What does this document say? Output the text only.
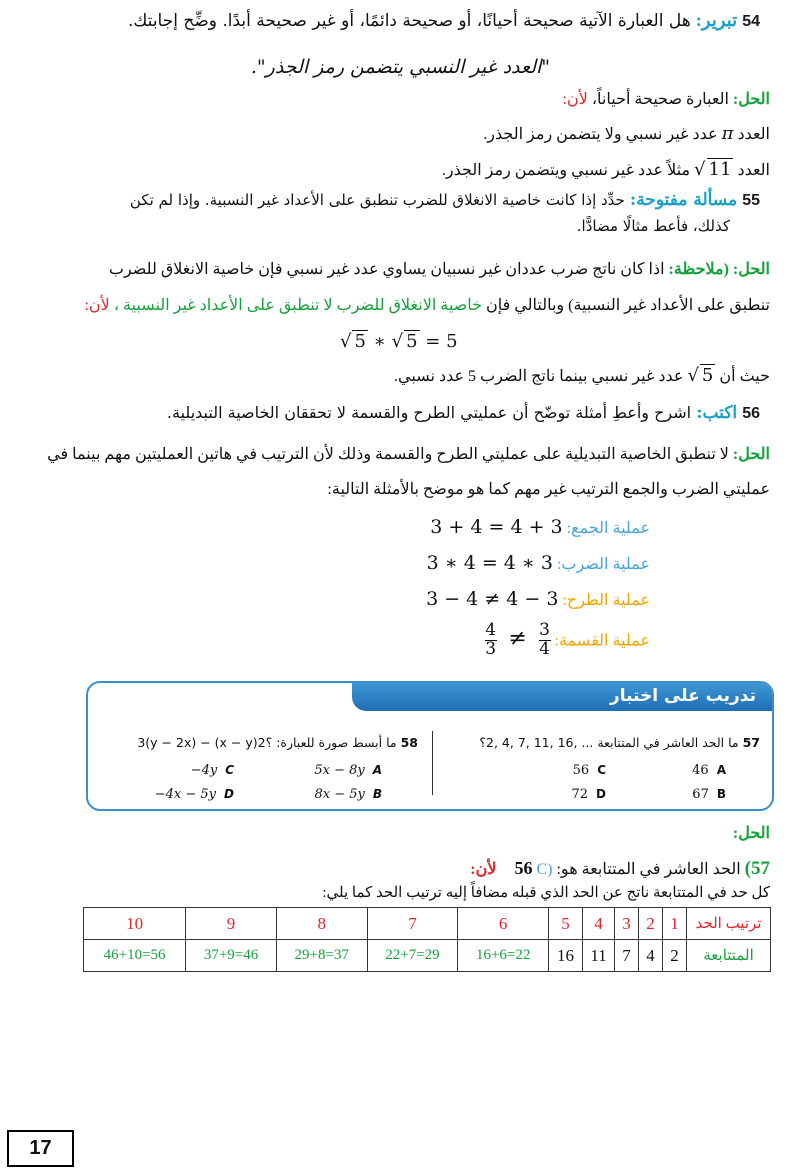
54 تبرير: هل العبارة الآتية صحيحة أحيانًا، أو صحيحة دائمًا، أو غير صحيحة أبدًا. وضِّح إجابتك.
"العدد غير النسبي يتضمن رمز الجذر".
الحل: العبارة صحيحة أحياناً، لأن:
العدد π عدد غير نسبي ولا يتضمن رمز الجذر.
العدد √ 11 مثلاً عدد غير نسبي ويتضمن رمز الجذر.
55 مسألة مفتوحة: حدِّد إذا كانت خاصية الانغلاق للضرب تنطبق على الأعداد غير النسبية. وإذا لم تكن
كذلك، فأعط مثالًا مضادًّا.
الحل: (ملاحظة: اذا كان ناتج ضرب عددان غير نسبيان يساوي عدد غير نسبي فإن خاصية الانغلاق للضرب
تنطبق على الأعداد غير النسبية) وبالتالي فإن خاصية الانغلاق للضرب لا تنطبق على الأعداد غير النسبية ، لأن:
√ 5 ∗ √ 5 = 5
حيث أن √ 5 عدد غير نسبي بينما ناتج الضرب 5 عدد نسبي.
56 اكتب: اشرح وأعطِ أمثلة توضّح أن عمليتي الطرح والقسمة لا تحققان الخاصية التبديلية.
الحل: لا تنطبق الخاصية التبديلية على عمليتي الطرح والقسمة وذلك لأن الترتيب في هاتين العمليتين مهم بينما في
عمليتي الضرب والجمع الترتيب غير مهم كما هو موضح بالأمثلة التالية:
عملية الجمع: 3 + 4 = 4 + 3
عملية الضرب: 3 ∗ 4 = 4 ∗ 3
عملية الطرح: 3 − 4 ≠ 4 − 3
عملية القسمة:
$\frac{4}{3} \ne \frac{3}{4}$
تدريب على اختبار
57 ما الحد العاشر في المتتابعة ... ,16 ,11 ,7 ,4 ,2؟
46 A
67 B
56 C
72 D
58 ما أبسط صورة للعبارة: ؟2(x − y) − 3(y − 2x)
5x − 8y A
8x − 5y B
−4y C
−4x − 5y D
الحل:
57) الحد العاشر في المتتابعة هو: C) 56 لأن:
كل حد في المتتابعة ناتج عن الحد الذي قبله مضافاً إليه ترتيب الحد كما يلي:
ترتيب الحد	1	2	3	4	5	6	7	8	9	10
المتتابعة	2	4	7	11	16	16+6=22	22+7=29	29+8=37	37+9=46	46+10=56
17
